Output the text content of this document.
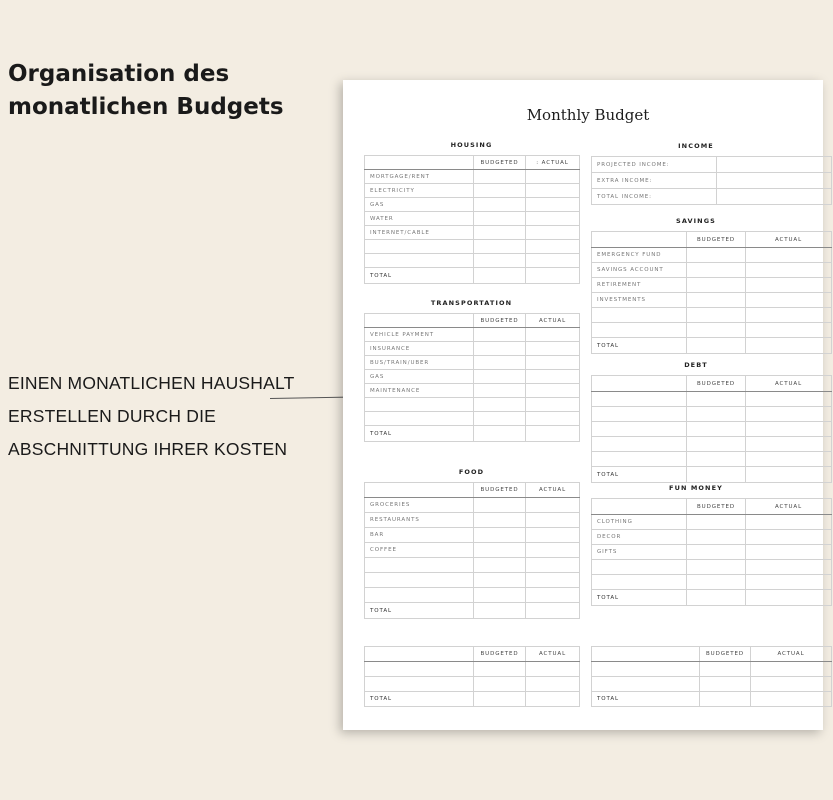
Organisation des
monatlichen Budgets
EINEN MONATLICHEN HAUSHALT
ERSTELLEN DURCH DIE
ABSCHNITTUNG IHRER KOSTEN
Monthly Budget
HOUSING
	BUDGETED	: ACTUAL
MORTGAGE/RENT		
ELECTRICITY		
GAS		
WATER		
INTERNET/CABLE		

TOTAL		
TRANSPORTATION
	BUDGETED	ACTUAL
VEHICLE PAYMENT		
INSURANCE		
BUS/TRAIN/UBER		
GAS		
MAINTENANCE		

TOTAL		
FOOD
	BUDGETED	ACTUAL
GROCERIES		
RESTAURANTS		
BAR		
COFFEE		

TOTAL		
	BUDGETED	ACTUAL

TOTAL		
INCOME
PROJECTED INCOME:	
EXTRA INCOME:	
TOTAL INCOME:	
SAVINGS
	BUDGETED	ACTUAL
EMERGENCY FUND		
SAVINGS ACCOUNT		
RETIREMENT		
INVESTMENTS		

TOTAL		
DEBT
	BUDGETED	ACTUAL

TOTAL		
FUN MONEY
	BUDGETED	ACTUAL
CLOTHING		
DECOR		
GIFTS		

TOTAL		
	BUDGETED	ACTUAL

TOTAL		
